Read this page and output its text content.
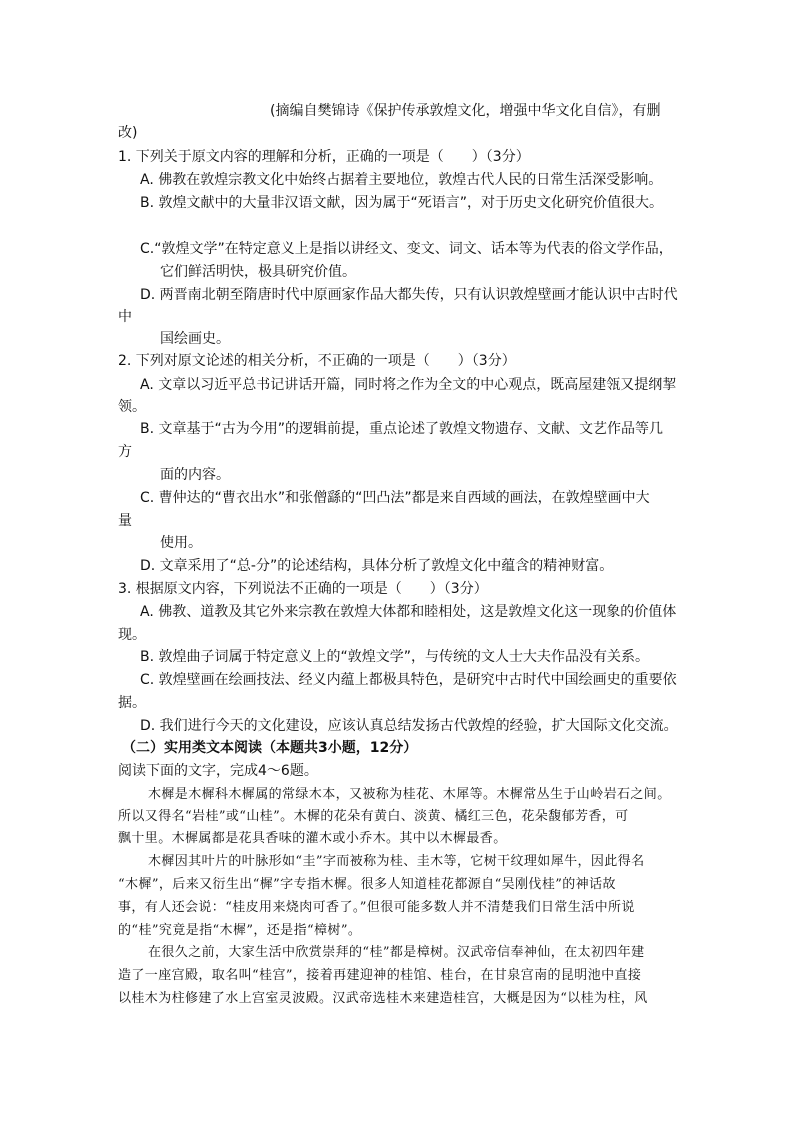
(摘编自樊锦诗《保护传承敦煌文化，增强中华文化自信》，有删
改)
1. 下列关于原文内容的理解和分析，正确的一项是（　　）（3分）
A. 佛教在敦煌宗教文化中始终占据着主要地位，敦煌古代人民的日常生活深受影响。
B. 敦煌文献中的大量非汉语文献，因为属于“死语言”，对于历史文化研究价值很大。
C.“敦煌文学”在特定意义上是指以讲经文、变文、词文、话本等为代表的俗文学作品，
它们鲜活明快，极具研究价值。
D. 两晋南北朝至隋唐时代中原画家作品大都失传，只有认识敦煌壁画才能认识中古时代
中
国绘画史。
2. 下列对原文论述的相关分析，不正确的一项是（　　）（3分）
A. 文章以习近平总书记讲话开篇，同时将之作为全文的中心观点，既高屋建瓴又提纲挈
领。
B. 文章基于“古为今用”的逻辑前提，重点论述了敦煌文物遗存、文献、文艺作品等几
方
面的内容。
C. 曹仲达的“曹衣出水”和张僧繇的“凹凸法”都是来自西域的画法，在敦煌壁画中大
量
使用。
D. 文章采用了“总-分”的论述结构，具体分析了敦煌文化中蕴含的精神财富。
3. 根据原文内容，下列说法不正确的一项是（　　）（3分）
A. 佛教、道教及其它外来宗教在敦煌大体都和睦相处，这是敦煌文化这一现象的价值体
现。
B. 敦煌曲子词属于特定意义上的“敦煌文学”，与传统的文人士大夫作品没有关系。
C. 敦煌壁画在绘画技法、经义内蕴上都极具特色，是研究中古时代中国绘画史的重要依
据。
D. 我们进行今天的文化建设，应该认真总结发扬古代敦煌的经验，扩大国际文化交流。
（二）实用类文本阅读（本题共3小题，12分）
阅读下面的文字，完成4～6题。
木樨是木樨科木樨属的常绿木本，又被称为桂花、木犀等。木樨常丛生于山岭岩石之间。
所以又得名“岩桂”或“山桂”。木樨的花朵有黄白、淡黄、橘红三色，花朵馥郁芳香，可
飘十里。木樨属都是花具香味的灌木或小乔木。其中以木樨最香。
木樨因其叶片的叶脉形如“圭”字而被称为桂、圭木等，它树干纹理如犀牛，因此得名
“木樨”，后来又衍生出“樨”字专指木樨。很多人知道桂花都源自“吴刚伐桂”的神话故
事，有人还会说：“桂皮用来烧肉可香了。”但很可能多数人并不清楚我们日常生活中所说
的“桂”究竟是指“木樨”，还是指“樟树”。
在很久之前，大家生活中欣赏崇拜的“桂”都是樟树。汉武帝信奉神仙，在太初四年建
造了一座宫殿，取名叫“桂宫”，接着再建迎神的桂馆、桂台，在甘泉宫南的昆明池中直接
以桂木为柱修建了水上宫室灵波殿。汉武帝选桂木来建造桂宫，大概是因为“以桂为柱，风
